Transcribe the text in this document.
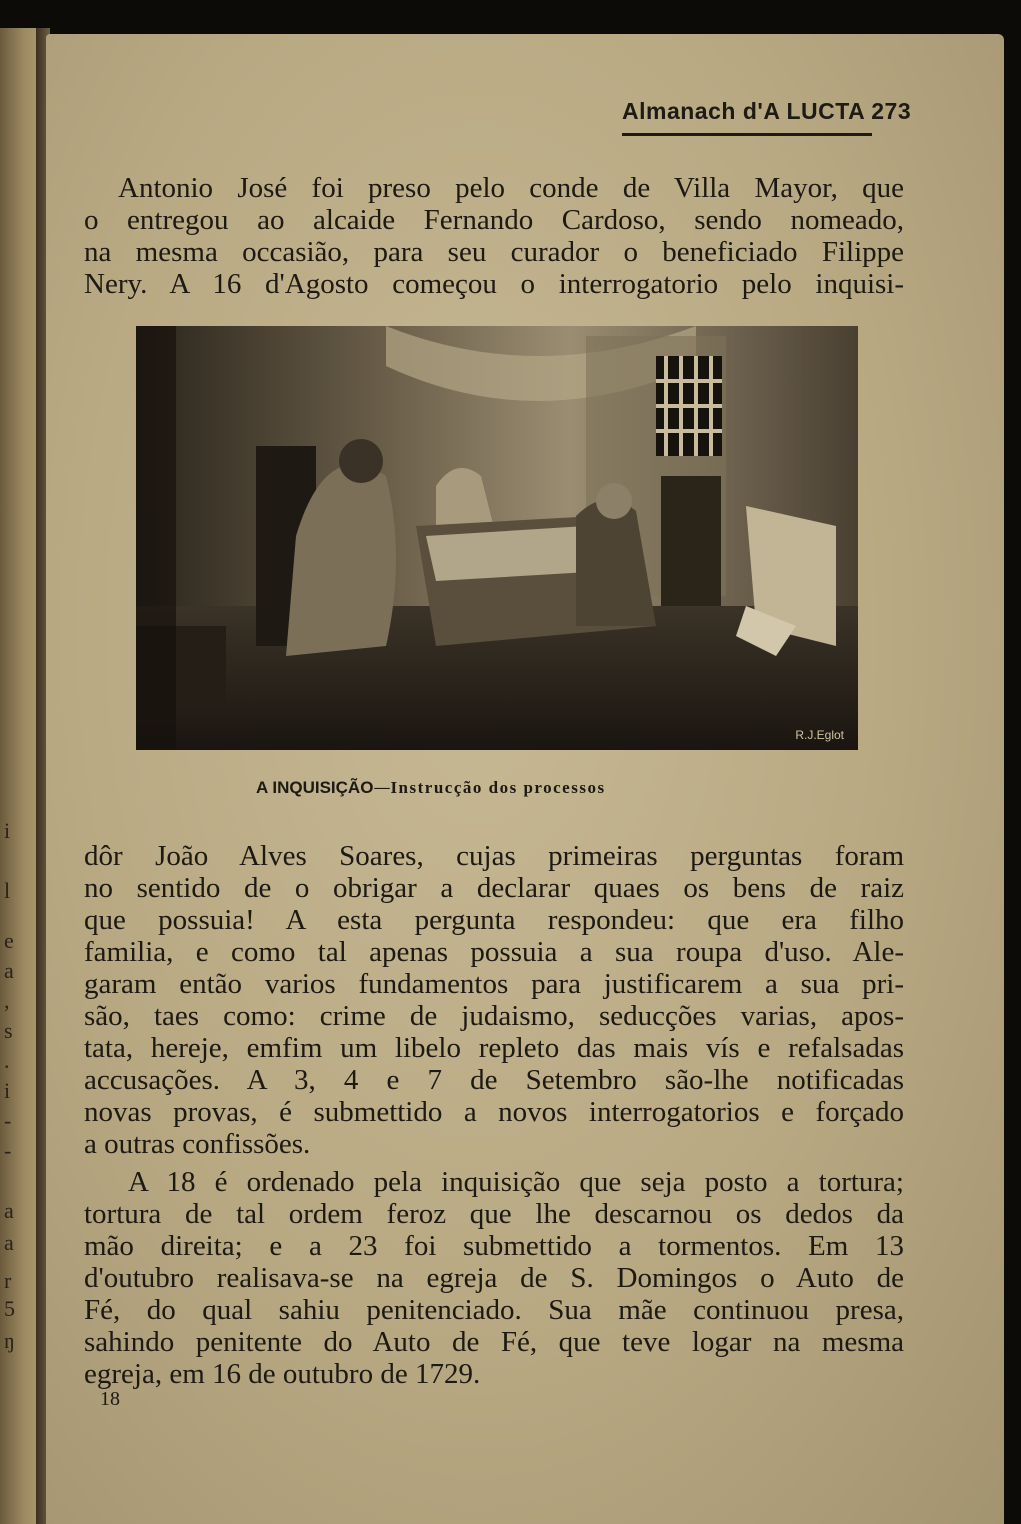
i
l
e
a
,
s
.
i
-
-
a
a
r
5
ŋ
Almanach d'A LUCTA 273
Antonio José foi preso pelo conde de Villa Mayor, que
o entregou ao alcaide Fernando Cardoso, sendo nomeado,
na mesma occasião, para seu curador o beneficiado Filippe
Nery. A 16 d'Agosto começou o interrogatorio pelo inquisi-
R.J.Eglot
A INQUISIÇÃO—Instrucção dos processos
dôr João Alves Soares, cujas primeiras perguntas foram
no sentido de o obrigar a declarar quaes os bens de raiz
que possuia! A esta pergunta respondeu: que era filho
familia, e como tal apenas possuia a sua roupa d'uso. Ale-
garam então varios fundamentos para justificarem a sua pri-
são, taes como: crime de judaismo, seducções varias, apos-
tata, hereje, emfim um libelo repleto das mais vís e refalsadas
accusações. A 3, 4 e 7 de Setembro são-lhe notificadas
novas provas, é submettido a novos interrogatorios e forçado
a outras confissões.
A 18 é ordenado pela inquisição que seja posto a tortura;
tortura de tal ordem feroz que lhe descarnou os dedos da
mão direita; e a 23 foi submettido a tormentos. Em 13
d'outubro realisava-se na egreja de S. Domingos o Auto de
Fé, do qual sahiu penitenciado. Sua mãe continuou presa,
sahindo penitente do Auto de Fé, que teve logar na mesma
egreja, em 16 de outubro de 1729.
18
